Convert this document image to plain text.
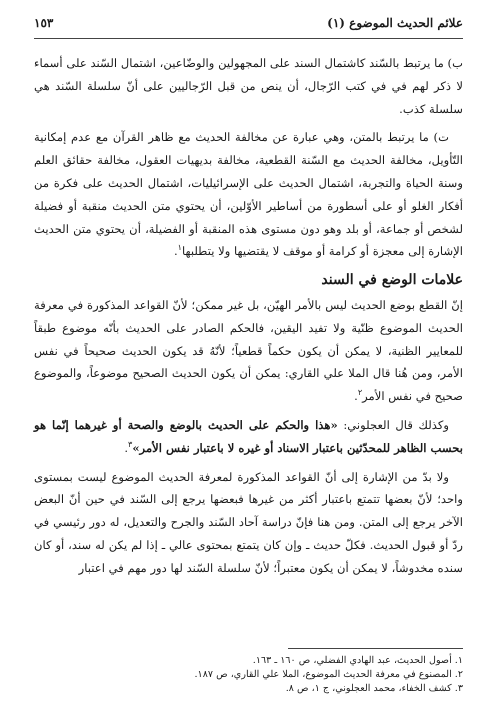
علائم الحديث الموضوع (١)
١٥٣

ب) ما يرتبط بالسّند كاشتمال السند على المجهولين والوضّاعين، اشتمال السّند على أسماء لا ذكر لهم في في كتب الرّجال، أن ينص من قبل الرّجاليين على أنّ سلسلة السّند هي سلسلة كذب.

ت) ما يرتبط بالمتن، وهي عبارة عن مخالفة الحديث مع ظاهر القرآن مع عدم إمكانية التّأويل، مخالفة الحديث مع السّنة القطعية، مخالفة بديهيات العقول، مخالفة حقائق العلم وسنة الحياة والتجربة، اشتمال الحديث على الإسرائيليات، اشتمال الحديث على فكرة من أفكار الغلو أو على أسطورة من أساطير الأوّلين، أن يحتوي متن الحديث منقبة أو فضيلة لشخص أو جماعة، أو بلد وهو دون مستوى هذه المنقبة أو الفضيلة، أن يحتوي متن الحديث الإشارة إلى معجزة أو كرامة أو موقف لا يقتضيها ولا يتطلبها$^١$.

علامات الوضع في السند

إنّ القطع بوضع الحديث ليس بالأمر الهيّن، بل غير ممكن؛ لأنّ القواعد المذكورة في معرفة الحديث الموضوع ظنّية ولا تفيد اليقين، فالحكم الصادر على الحديث بأنّه موضوع طبقاً للمعايير الظنية، لا يمكن أن يكون حكماً قطعياً؛ لأنّهُ قد يكون الحديث صحيحاً في نفس الأمر، ومن هُنا قال الملا علي القاري: يمكن أن يكون الحديث الصحيح موضوعاً، والموضوع صحيح في نفس الأمر$^٢$.

وكذلك قال العجلوني: «هذا والحكم على الحديث بالوضع والصحة أو غيرهما إنّما هو بحسب الظاهر للمحدّثين باعتبار الاسناد أو غيره لا باعتبار نفس الأمر»$^٣$.

ولا بدّ من الإشارة إلى أنّ القواعد المذكورة لمعرفة الحديث الموضوع ليست بمستوى واحد؛ لأنّ بعضها تتمتع باعتبار أكثر من غيرها فبعضها يرجع إلى السّند في حين أنّ البعض الآخر يرجع إلى المتن. ومن هنا فإنّ دراسة آحاد السّند والجرح والتعديل، له دور رئيسي في ردّ أو قبول الحديث. فكلّ حديث ـ وإن كان يتمتع بمحتوى عالي ـ إذا لم يكن له سند، أو كان سنده مخدوشاً، لا يمكن أن يكون معتبراً؛ لأنّ سلسلة السّند لها دور مهم في اعتبار

١. أصول الحديث، عبد الهادي الفضلي، ص ١٦٠ ـ ١٦٣.
٢. المصنوع في معرفة الحديث الموضوع، الملا علي القاري، ص ١٨٧.
٣. كشف الخفاء، محمد العجلوني، ج ١، ص ٨.
